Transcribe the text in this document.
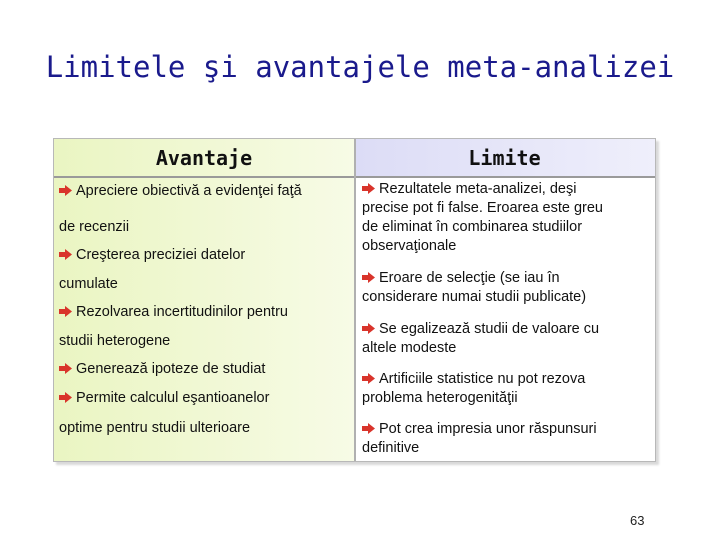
Limitele şi avantajele meta-analizei
Avantaje	Limite
Apreciere obiectivă a evidenţei faţă
de recenzii
Creşterea preciziei datelor
cumulate
Rezolvarea incertitudinilor pentru
studii heterogene
Generează ipoteze de studiat
Permite calculul eşantioanelor
optime pentru studii ulterioare
Rezultatele meta-analizei, deşi
precise pot fi false. Eroarea este greu
de eliminat în combinarea studiilor
observaţionale
Eroare de selecţie (se iau în
considerare numai studii publicate)
Se egalizează studii de valoare cu
altele modeste
Artificiile statistice nu pot rezova
problema heterogenităţii
Pot crea impresia unor răspunsuri
definitive
63
